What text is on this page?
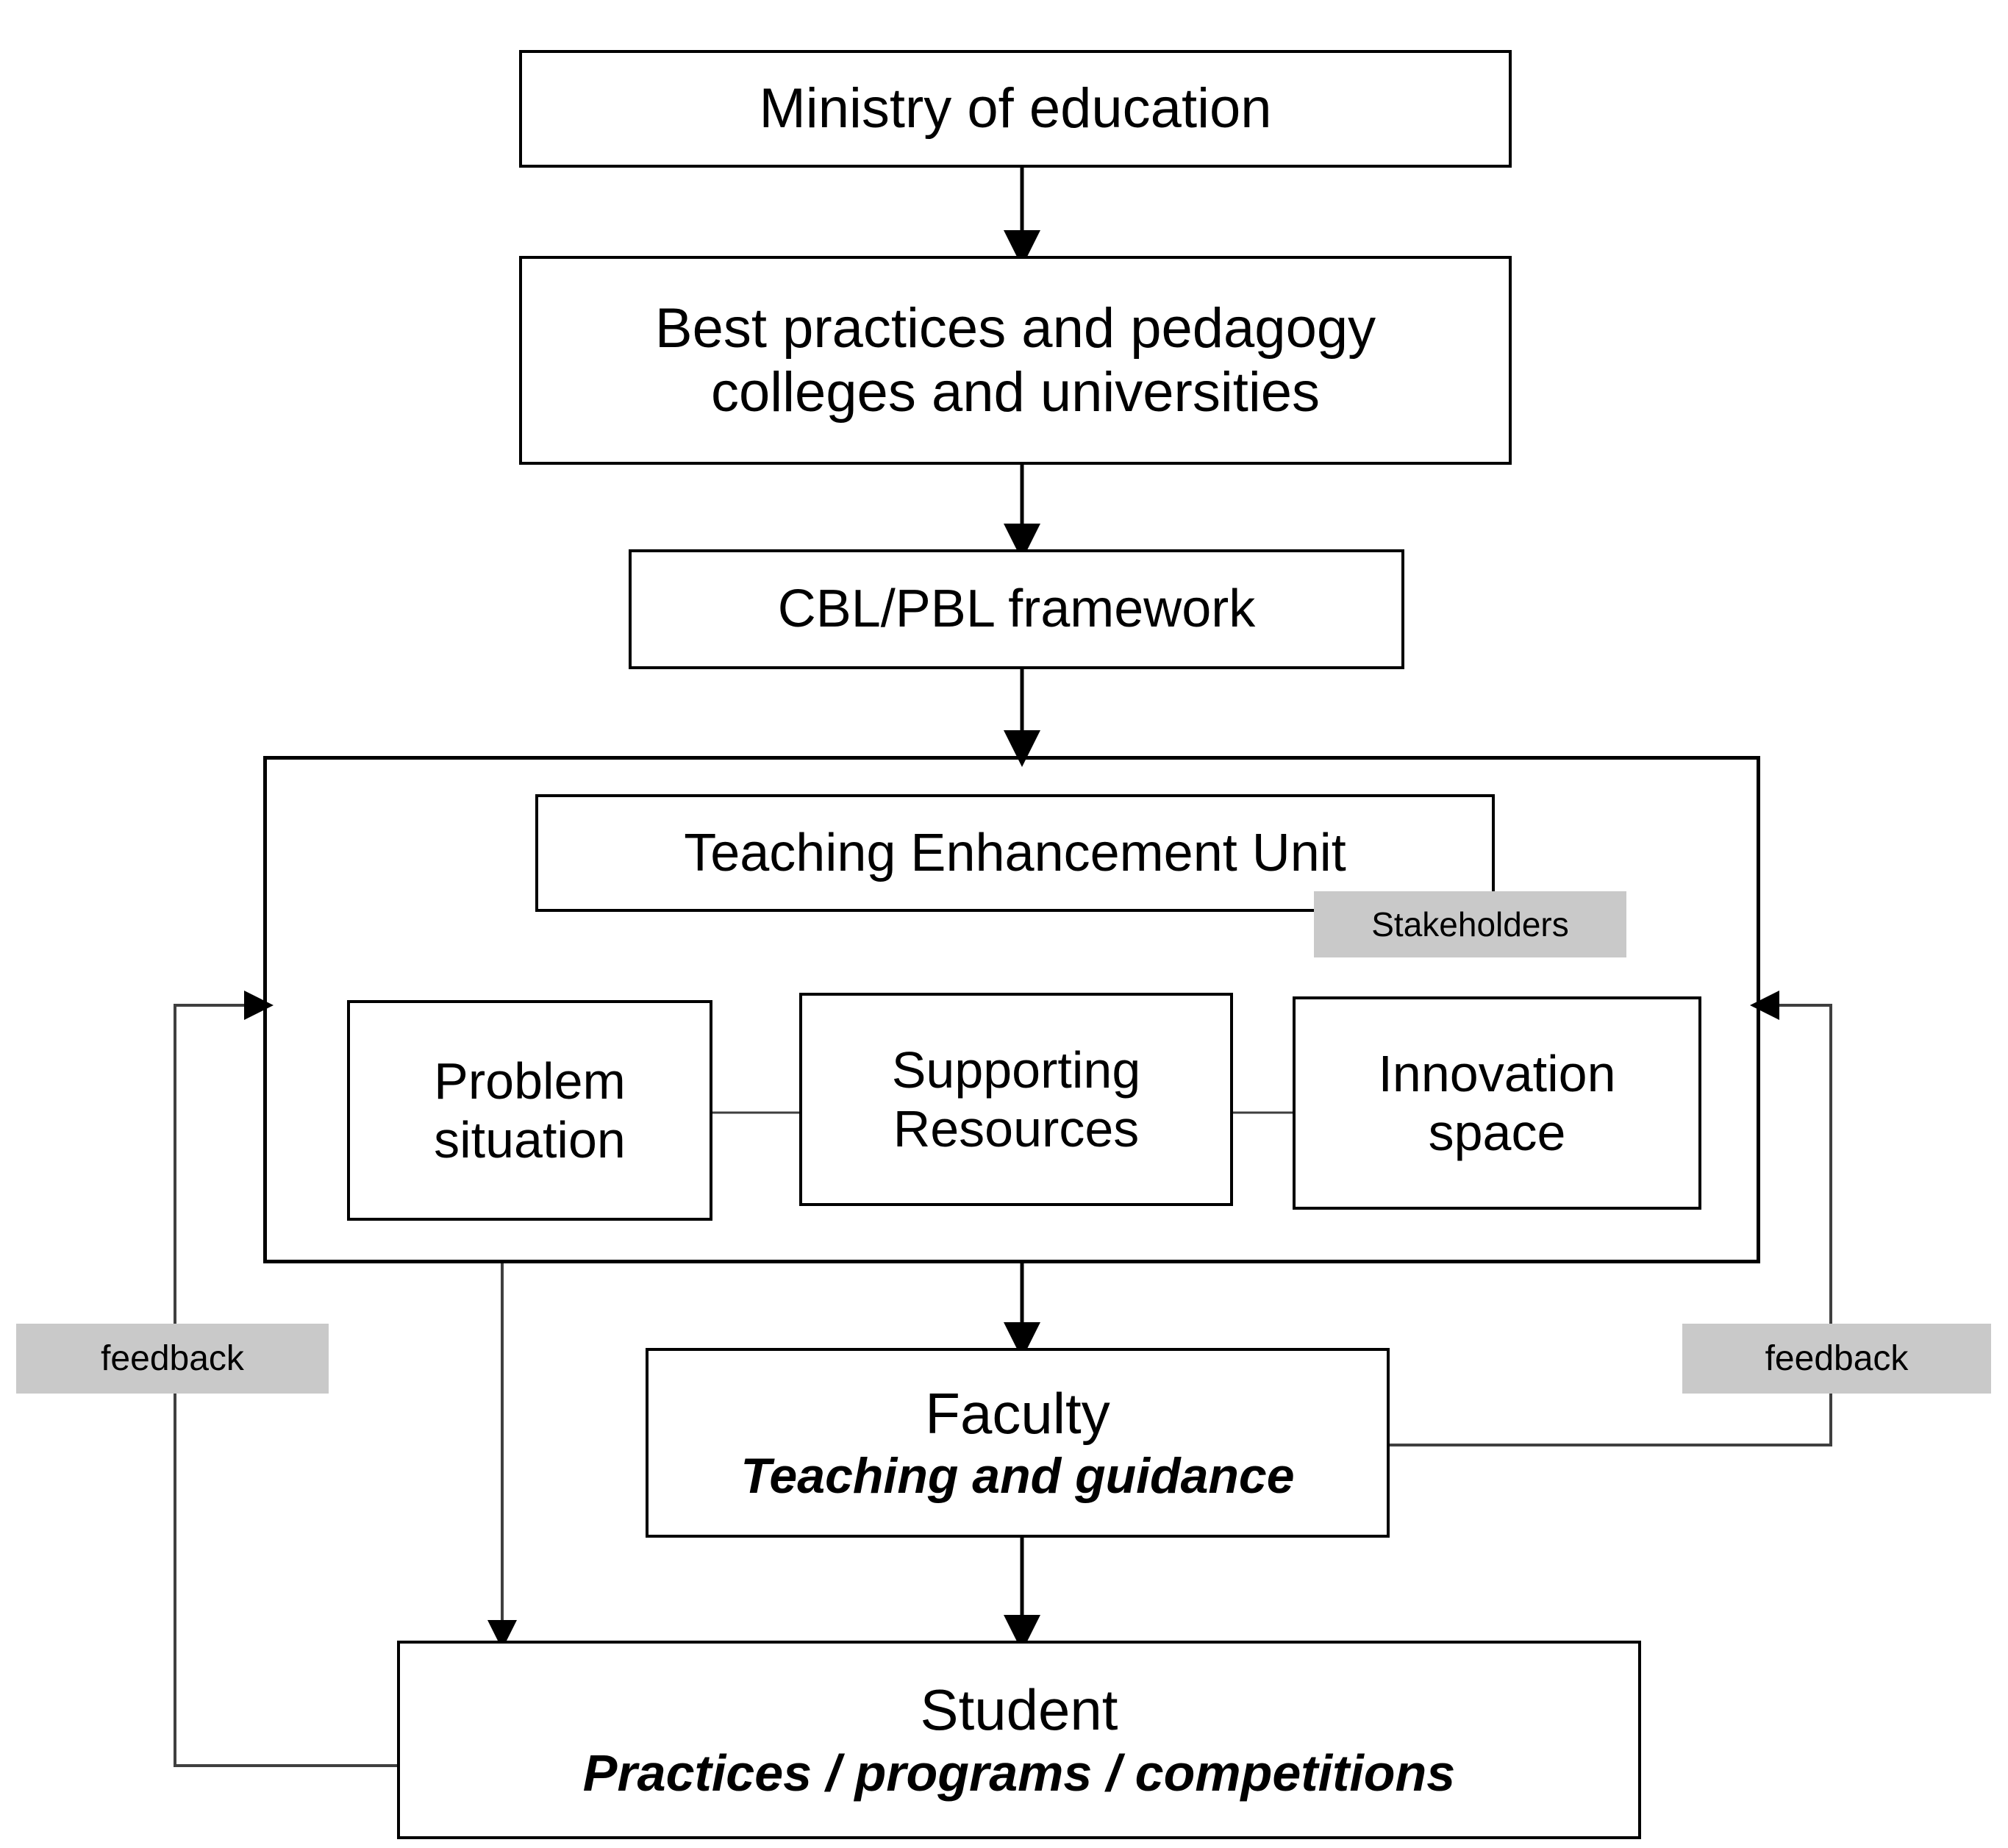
Ministry of education
Best practices and pedagogy
colleges and universities
CBL/PBL framework
Teaching Enhancement Unit
Stakeholders
Problem
situation
Supporting
Resources
Innovation
space
feedback	feedback
Faculty
Teaching and guidance
Student
Practices / programs / competitions
